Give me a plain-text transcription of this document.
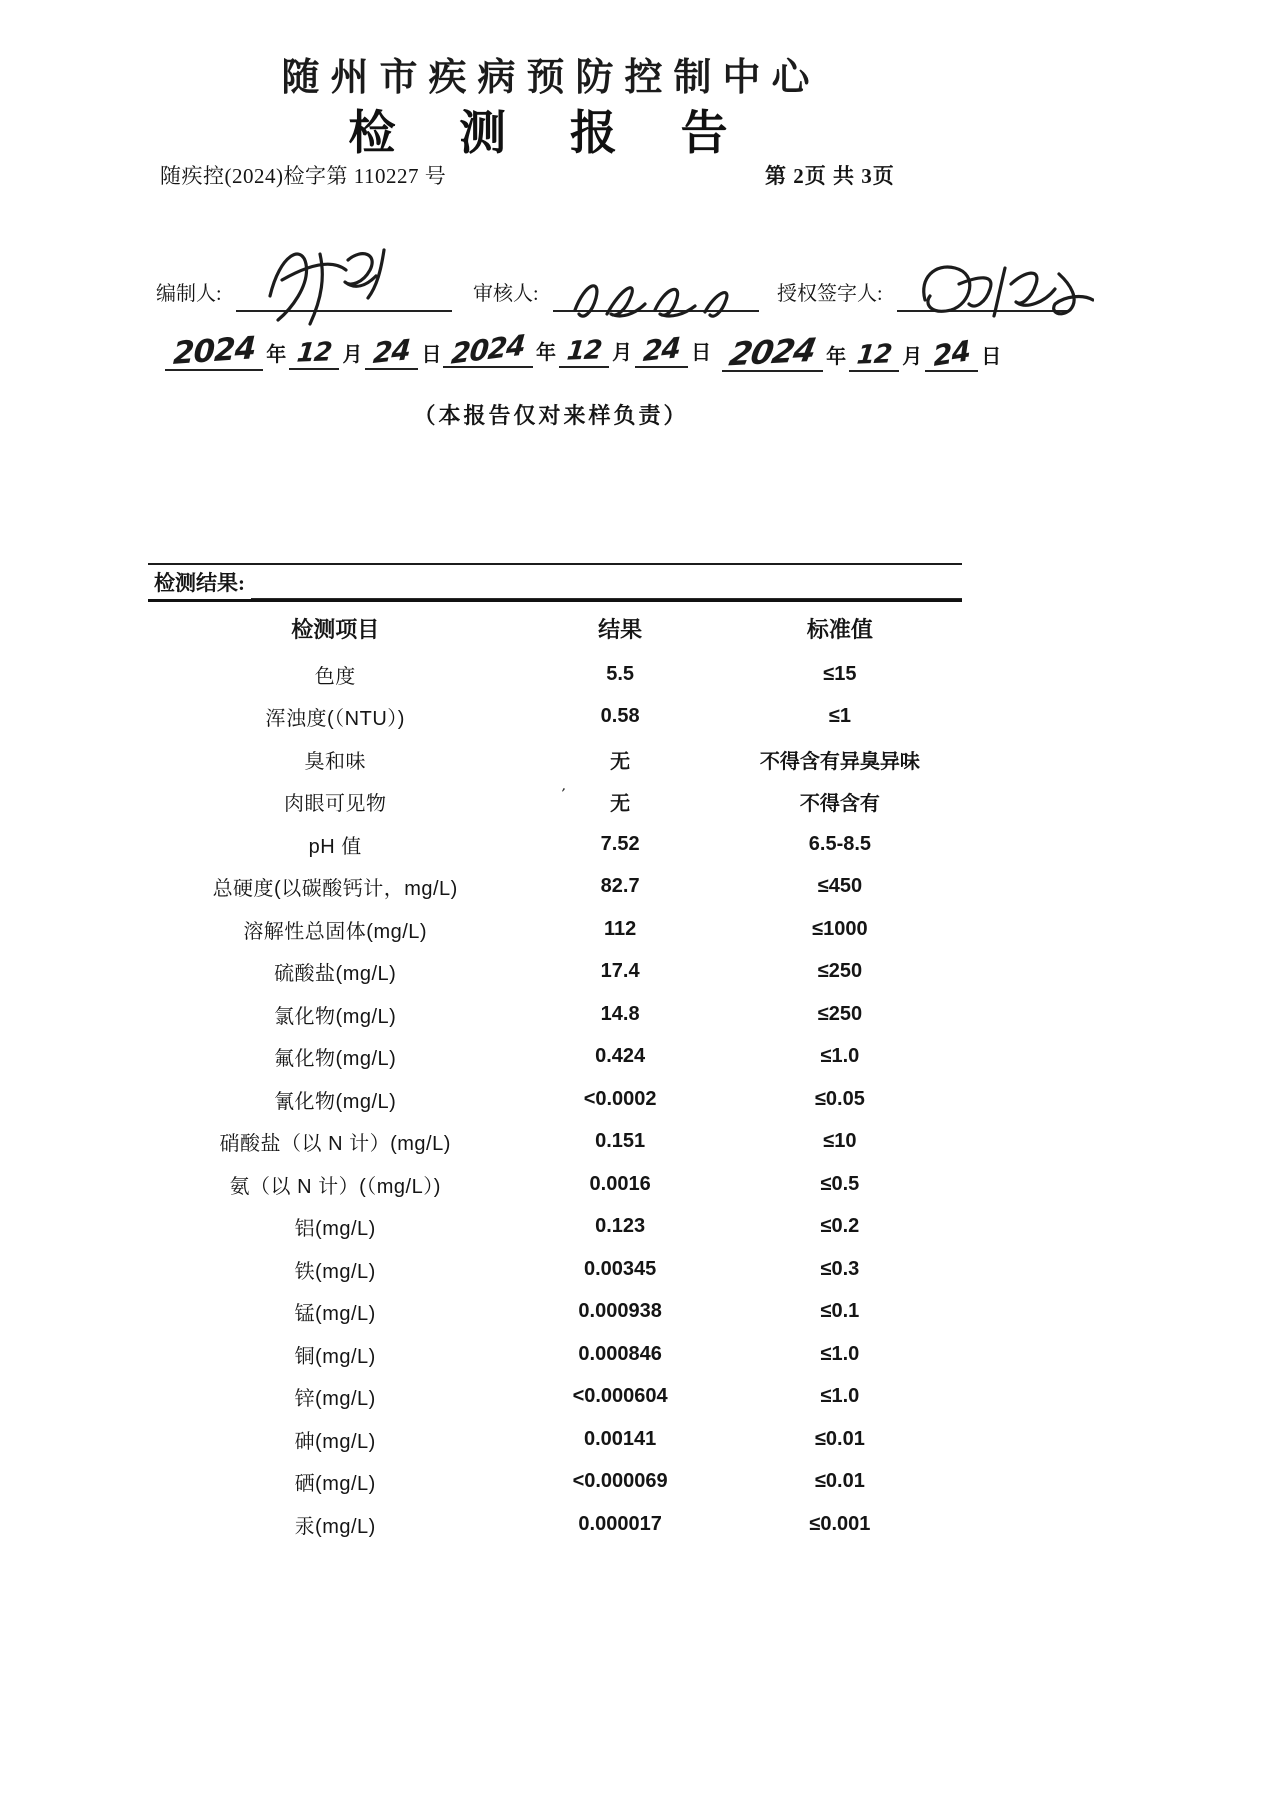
随州市疾病预防控制中心
检 测 报 告
随疾控(2024)检字第 110227 号	第 2页 共 3页
编制人:	审核人:	授权签字人:
2024 年 12 月 24 日 2024 年 12 月 24 日 2024 年 12 月 24 日
（本报告仅对来样负责）
检测结果:
检测项目	结果	标准值
色度	5.5	≤15
浑浊度(（NTU）)	0.58	≤1
臭和味	无	不得含有异臭异味
肉眼可见物	无	不得含有
pH 值	7.52	6.5-8.5
总硬度(以碳酸钙计，mg/L)	82.7	≤450
溶解性总固体(mg/L)	112	≤1000
硫酸盐(mg/L)	17.4	≤250
氯化物(mg/L)	14.8	≤250
氟化物(mg/L)	0.424	≤1.0
氰化物(mg/L)	<0.0002	≤0.05
硝酸盐（以 N 计）(mg/L)	0.151	≤10
氨（以 N 计）(（mg/L）)	0.0016	≤0.5
铝(mg/L)	0.123	≤0.2
铁(mg/L)	0.00345	≤0.3
锰(mg/L)	0.000938	≤0.1
铜(mg/L)	0.000846	≤1.0
锌(mg/L)	<0.000604	≤1.0
砷(mg/L)	0.00141	≤0.01
硒(mg/L)	<0.000069	≤0.01
汞(mg/L)	0.000017	≤0.001
’
